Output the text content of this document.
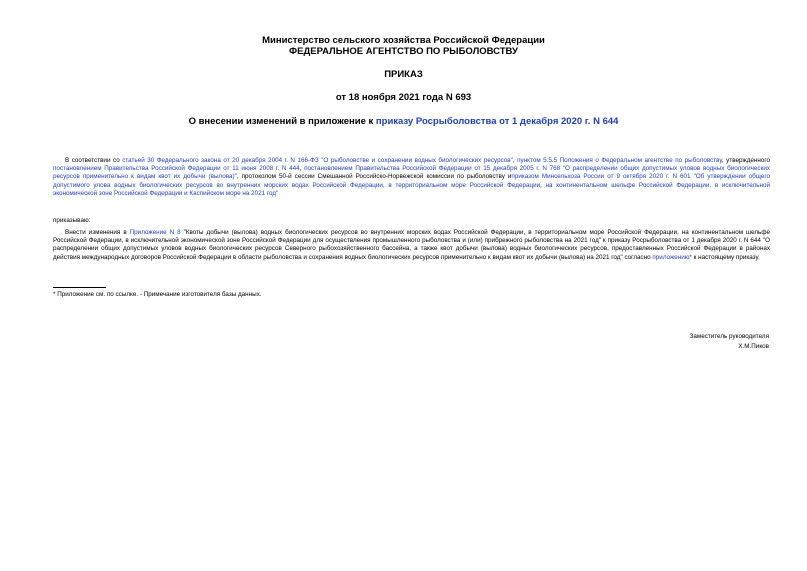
Министерство сельского хозяйства Российской Федерации

ФЕДЕРАЛЬНОЕ АГЕНТСТВО ПО РЫБОЛОВСТВУ

ПРИКАЗ

от 18 ноября 2021 года N 693

О внесении изменений в приложение к приказу Росрыболовства от 1 декабря 2020 г. N 644
В соответствии со статьей 30 Федерального закона от 20 декабря 2004 г. N 166-ФЗ "О рыболовстве и сохранении водных биологических ресурсов", пунктом 5.5.5 Положения о Федеральном агентстве по рыболовству, утвержденного постановлением Правительства Российской Федерации от 11 июня 2008 г. N 444, постановлением Правительства Российской Федерации от 15 декабря 2005 г. N 768 "О распределении общих допустимых уловов водных биологических ресурсов применительно к видам квот их добычи (вылова)", протоколом 50-й сессии Смешанной Российско-Норвежской комиссии по рыболовству иприказом Минсельхоза России от 9 октября 2020 г. N 601 "Об утверждении общего допустимого улова водных биологических ресурсов во внутренних морских водах Российской Федерации, в территориальном море Российской Федерации, на континентальном шельфе Российской Федерации, в исключительной экономической зоне Российской Федерации и Каспийском море на 2021 год"
приказываю:
Внести изменения в Приложение N 8 "Квоты добычи (вылова) водных биологических ресурсов во внутренних морских водах Российской Федерации, в территориальном море Российской Федерации, на континентальном шельфе Российской Федерации, в исключительной экономической зоне Российской Федерации для осуществления промышленного рыболовства и (или) прибрежного рыболовства на 2021 год" к приказу Росрыболовства от 1 декабря 2020 г. N 644 "О распределении общих допустимых уловов водных биологических ресурсов Северного рыбохозяйственного бассейна, а также квот добычи (вылова) водных биологических ресурсов, предоставленных Российской Федерации в районах действия международных договоров Российской Федерации в области рыболовства и сохранения водных биологических ресурсов применительно к видам квот их добычи (вылова) на 2021 год" согласно приложению* к настоящему приказу.
* Приложение см. по ссылке. - Примечание изготовителя базы данных.
Заместитель руководителя
Х.М.Пиков
